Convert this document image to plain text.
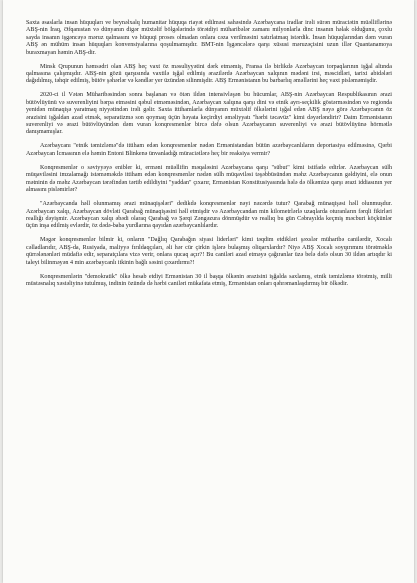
Saxta əsaslarla insan hüquqları ve beynəlxalq humanitar hüquqa riayət edilməsi sahəsində Azərbaycana iradlar irəli sürən müraciətin müəlliflərinə ABŞ-nin İraq, Əfqanıstan və dünyanın digər müxtəlif bölgələrində törətdiyi müharibələr zamanı milyonlarla dinc insanın həlak olduğunu, çoxlu sayda insanın işgəncəyə məruz qalmasını və hüquqi proses olmadan onlara cəza verilməsini xatırlatmaq istərdik. İnsan hüquqlarından dəm vuran ABŞ ən mühüm insan hüquqları konvensiyalarına qoşulmamışdır. BMT-nin İşgəncələrə qarşı xüsusi məruzəçisini uzun illər Quantanamoya buraxmayan həmin ABŞ-dir.

Minsk Qrupunun həmsədri olan ABŞ heç vaxt öz məsuliyyətini dərk etməmiş, Fransa ilə birlikdə Azərbaycan torpaqlarının işğal altında qalmasına çalışmışdır. ABŞ-nin gözü qarşısında vaxtilə işğal edilmiş ərazilərdə Azərbaycan xalqının mədəni irsi, məscidləri, tarixi abidələri dağıdılmış, təhqir edilmiş, bütöv şəhərlər və kəndlər yer üzündən silinmişdir. ABŞ Ermənistanın bu barbarlıq əməllərini heç vaxt pisləməmişdir.

2020-ci il Vətən Müharibəsindən sonra başlanan və ötən ildən intensivləşən bu hücumlar, ABŞ-nin Azərbaycan Respublikasının ərazi bütövlüyünü və suverenliyini bərpa etməsini qəbul etməməsindən, Azərbaycan xalqına qarşı dini və etnik ayrı-seçkilik göstərməsindən və regionda yenidən münaqişə yaratmaq niyyətindən irəli gəlir. Saxta ittihamlarla dünyanın müxtəlif ölkələrini işğal edən ABŞ nəyə görə Azərbaycanın öz ərazisini işğaldan azad etmək, separatizmə son qoymaq üçün həyata keçirdiyi əməliyyatı "hərbi təcavüz" kimi dəyərləndirir? Daim Ermənistanın suverenliyi və ərazi bütövlüyündən dəm vuran konqresmenlər bircə dəfə olsun Azərbaycanın suverenliyi və ərazi bütövlüyünə hörmətlə danışmamışlar.

Azərbaycanı "etnik təmizləmə"də ittiham edən konqresmenlər nədən Ermənistandan bütün azərbaycanlıların deportasiya edilməsinə, Qərbi Azərbaycan İcmasının elə həmin Entoni Blinkenə ünvanladığı müraciətlərə heç bir reaksiya vermir?

Konqresmenlər o səviyyəyə enibler ki, erməni müəllifin məqaləsini Azərbaycana qarşı "sübut" kimi istifadə edirlər. Azərbaycan sülh müqaviləsini imzalamağı istəməməkdə ittiham edən konqresmenlər nədən sülh müqaviləsi təşəbbüsündən məhz Azərbaycanın gəldiyini, elə onun mətninin də məhz Azərbaycan tərəfindən tərtib edildiyini "yaddan" çıxarır, Ermənistan Konstitusiyasında hələ də ölkəmizə qarşı ərazi iddiasının yer almasını pisləmirlər?

"Azərbaycanda həll olunmamış ərazi münaqişələri" dedikdə konqresmenlər nəyi nəzərdə tutur? Qarabağ münaqişəsi həll olunmuşdur. Azərbaycan xalqı, Azərbaycan dövləti Qarabağ münaqişəsini həll etmişdir və Azərbaycandan min kilometrlərlə uzaqlarda oturanların fərqli fikirləri reallığı dəyişmir. Azərbaycan xalqı əbədi olaraq Qarabağ və Şərqi Zəngəzura dönmüşdür və reallıq bu gün Cəbrayılda keçmiş məcburi köçkünlər üçün inşa edilmiş evlərdir, öz dədə-baba yurdlarına qayıdan azərbaycanlılardır.

Məgər konqresmenlər bilmir ki, onların "Dağlıq Qarabağın siyasi liderləri" kimi təqdim etdikləri şəxslər müharibə canilərdir, Xocalı cəlladlarıdır, ABŞ-da, Rusiyada, maliyyə fırıldaqçıları, əli hər cür çirkin işlərə bulaşmış oliqarxlardır? Niyə ABŞ Xocalı soyqırımını törətməklə qürrələnənləri müdafiə edir, separatçılara vizə verir, onlara qucaq açır?! Bu caniləri azad etməyə çağıranlar üzə belə dəfə olsun 30 ildən artıqdır ki taleyi bilinməyən 4 min azərbaycanlı itkinin bağlı səsini çıxardırmı?!

Konqresmenlərin "demokratik" ölkə hesab etdiyi Ermənistan 30 il başqa ölkənin ərazisini işğalda saxlamış, etnik təmizləmə törətmiş, milli müstəsnalıq xəstəliyinə tutulmuş, indinin özündə də hərbi caniləri mükafata etmiş, Ermənistan onları qəhrəmanlaşdırmış bir ölkədir.
